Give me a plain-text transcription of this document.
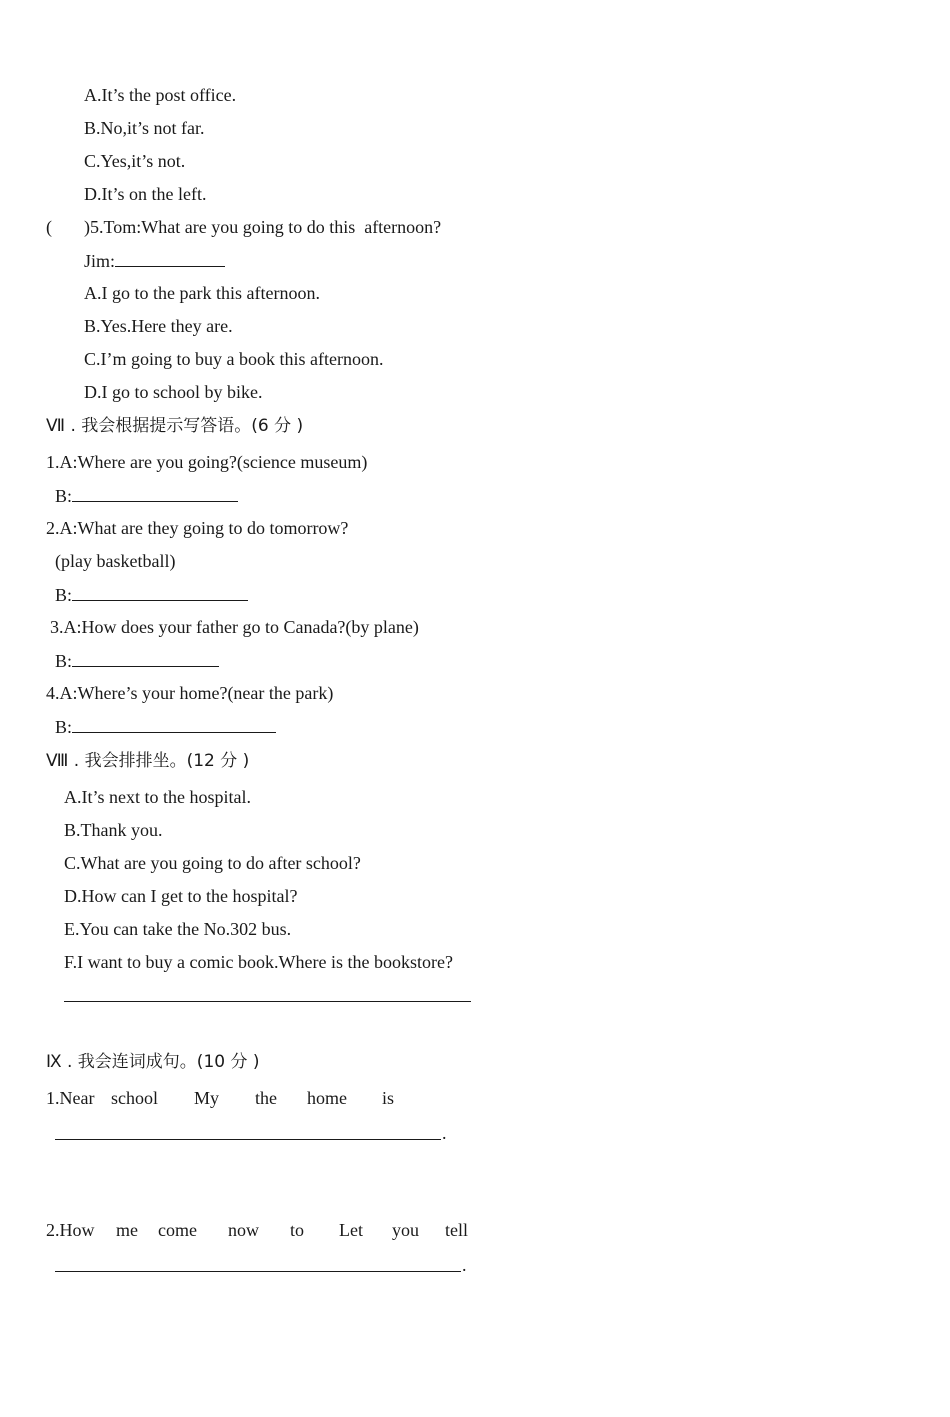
A.It’s the post office.
B.No,it’s not far.
C.Yes,it’s not.
D.It’s on the left.
( ) 5.Tom:What are you going to do this  afternoon?
Jim:
A.I go to the park this afternoon.
B.Yes.Here they are.
C.I’m going to buy a book this afternoon.
D.I go to school by bike.
Ⅶ . 我会根据提示写答语。(6 分 )
1.A:Where are you going?(science museum)
B:
2.A:What are they going to do tomorrow?
(play basketball)
B:
3.A:How does your father go to Canada?(by plane)
B:
4.A:Where’s your home?(near the park)
B:
Ⅷ . 我会排排坐。(12 分 )
A.It’s next to the hospital.
B.Thank you.
C.What are you going to do after school?
D.How can I get to the hospital?
E.You can take the No.302 bus.
F.I want to buy a comic book.Where is the bookstore?
Ⅸ . 我会连词成句。(10 分 )

1.Near

school

My

the

home

is

.

2.How

me

come

now

to

Let

you

tell

.
